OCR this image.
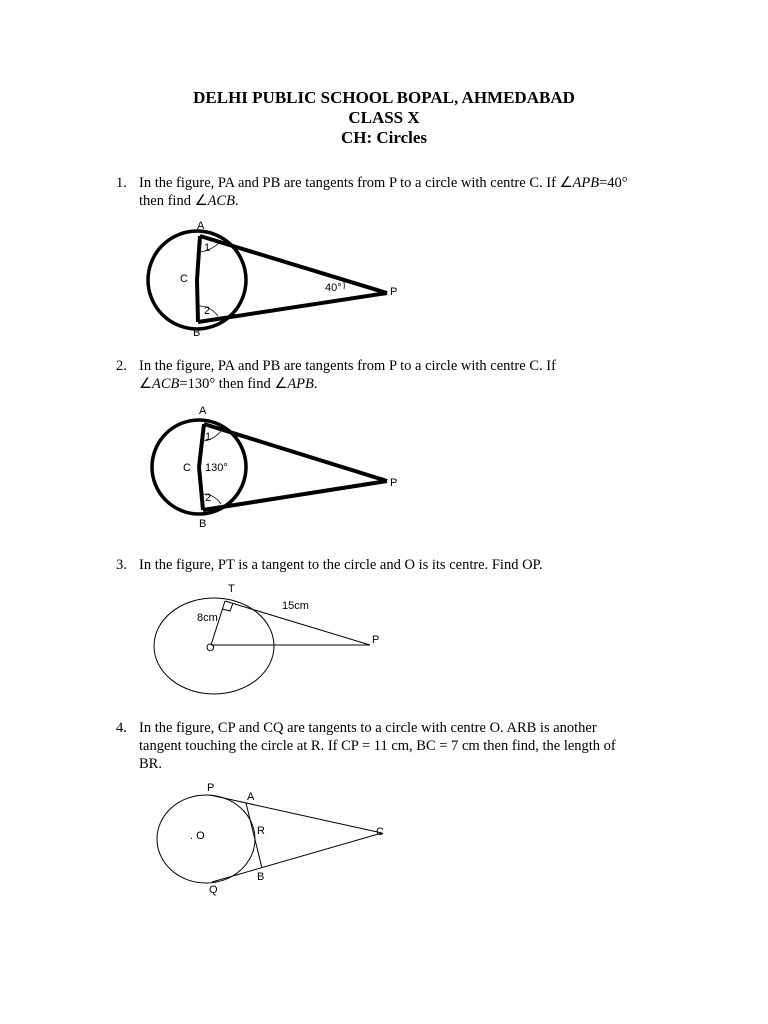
DELHI PUBLIC SCHOOL BOPAL, AHMEDABAD
CLASS X
CH: Circles
1. In the figure, PA and PB are tangents from P to a circle with centre C. If ∠APB=40°
then find ∠ACB.
A
B
C
P
1
2
40°
2. In the figure, PA and PB are tangents from P to a circle with centre C. If
∠ACB=130° then find ∠APB.
A
B
C
P
1
2
130°
3. In the figure, PT is a tangent to the circle and O is its centre. Find OP.
T
O
P
8cm
15cm
4. In the figure, CP and CQ are tangents to a circle with centre O. ARB is another
tangent touching the circle at R. If CP = 11 cm, BC = 7 cm then find, the length of
BR.
P
A
R	C
B
Q
. O
